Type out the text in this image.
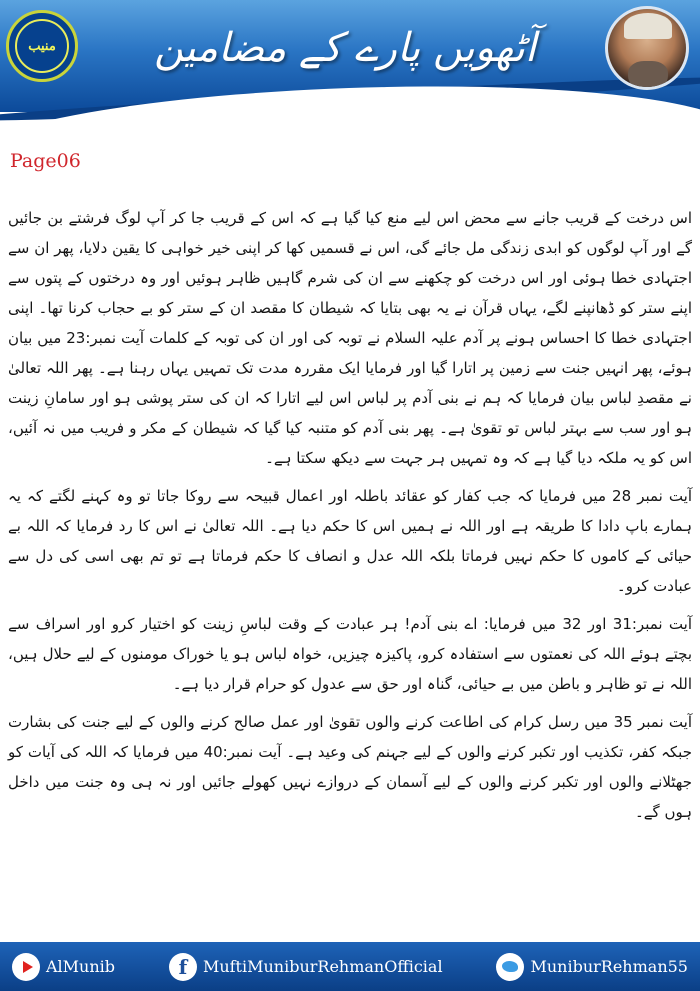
منیب	آٹھویں پارے کے مضامین
Page06

اس درخت کے قریب جانے سے محض اس لیے منع کیا گیا ہے کہ اس کے قریب جا کر آپ لوگ فرشتے بن جائیں گے اور آپ لوگوں کو ابدی زندگی مل جائے گی، اس نے قسمیں کھا کر اپنی خیر خواہی کا یقین دلایا، پھر ان سے اجتہادی خطا ہوئی اور اس درخت کو چکھنے سے ان کی شرم گاہیں ظاہر ہوئیں اور وہ درختوں کے پتوں سے اپنے ستر کو ڈھانپنے لگے، یہاں قرآن نے یہ بھی بتایا کہ شیطان کا مقصد ان کے ستر کو بے حجاب کرنا تھا۔ اپنی اجتہادی خطا کا احساس ہونے پر آدم علیہ السلام نے توبہ کی اور ان کی توبہ کے کلمات آیت نمبر:23 میں بیان ہوئے، پھر انہیں جنت سے زمین پر اتارا گیا اور فرمایا ایک مقررہ مدت تک تمہیں یہاں رہنا ہے۔ پھر اللہ تعالیٰ نے مقصدِ لباس بیان فرمایا کہ ہم نے بنی آدم پر لباس اس لیے اتارا کہ ان کی ستر پوشی ہو اور سامانِ زینت ہو اور سب سے بہتر لباس تو تقویٰ ہے۔ پھر بنی آدم کو متنبہ کیا گیا کہ شیطان کے مکر و فریب میں نہ آئیں، اس کو یہ ملکہ دیا گیا ہے کہ وہ تمہیں ہر جہت سے دیکھ سکتا ہے۔

آیت نمبر 28 میں فرمایا کہ جب کفار کو عقائد باطلہ اور اعمال قبیحہ سے روکا جاتا تو وہ کہنے لگتے کہ یہ ہمارے باپ دادا کا طریقہ ہے اور اللہ نے ہمیں اس کا حکم دیا ہے۔ اللہ تعالیٰ نے اس کا رد فرمایا کہ اللہ بے حیائی کے کاموں کا حکم نہیں فرماتا بلکہ اللہ عدل و انصاف کا حکم فرماتا ہے تو تم بھی اسی کی دل سے عبادت کرو۔

آیت نمبر:31 اور 32 میں فرمایا: اے بنی آدم! ہر عبادت کے وقت لباسِ زینت کو اختیار کرو اور اسراف سے بچتے ہوئے اللہ کی نعمتوں سے استفادہ کرو، پاکیزہ چیزیں، خواہ لباس ہو یا خوراک مومنوں کے لیے حلال ہیں، اللہ نے تو ظاہر و باطن میں بے حیائی، گناہ اور حق سے عدول کو حرام قرار دیا ہے۔

آیت نمبر 35 میں رسل کرام کی اطاعت کرنے والوں تقویٰ اور عمل صالح کرنے والوں کے لیے جنت کی بشارت جبکہ کفر، تکذیب اور تکبر کرنے والوں کے لیے جہنم کی وعید ہے۔ آیت نمبر:40 میں فرمایا کہ اللہ کی آیات کو جھٹلانے والوں اور تکبر کرنے والوں کے لیے آسمان کے دروازے نہیں کھولے جائیں اور نہ ہی وہ جنت میں داخل ہوں گے۔

AlMunib	f MuftiMuniburRehmanOfficial	MuniburRehman55
